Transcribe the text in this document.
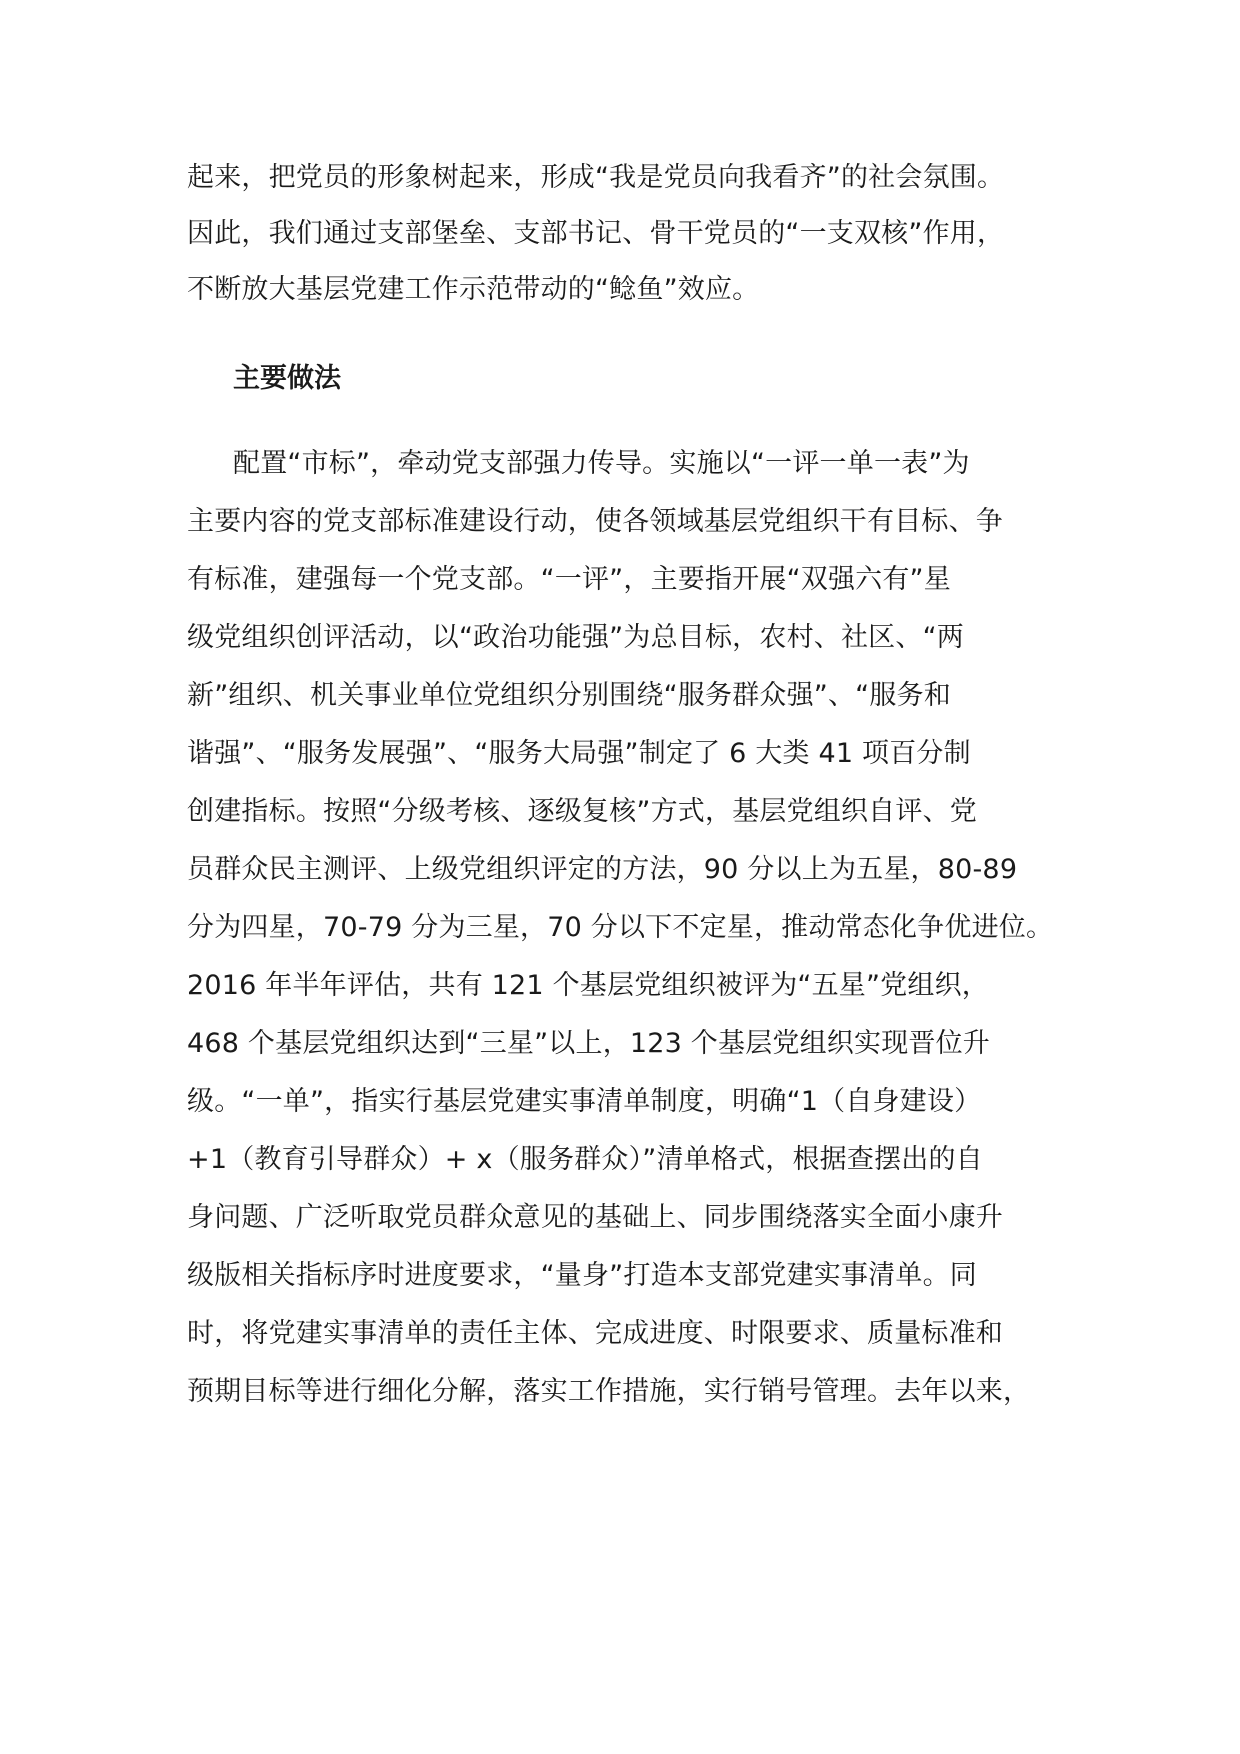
起来，把党员的形象树起来，形成“我是党员向我看齐”的社会氛围。
因此，我们通过支部堡垒、支部书记、骨干党员的“一支双核”作用，
不断放大基层党建工作示范带动的“鲶鱼”效应。
主要做法
配置“市标”，牵动党支部强力传导。实施以“一评一单一表”为
主要内容的党支部标准建设行动，使各领域基层党组织干有目标、争
有标准，建强每一个党支部。“一评”，主要指开展“双强六有”星
级党组织创评活动，以“政治功能强”为总目标，农村、社区、“两
新”组织、机关事业单位党组织分别围绕“服务群众强”、“服务和
谐强”、“服务发展强”、“服务大局强”制定了 6 大类 41 项百分制
创建指标。按照“分级考核、逐级复核”方式，基层党组织自评、党
员群众民主测评、上级党组织评定的方法，90 分以上为五星，80-89
分为四星，70-79 分为三星，70 分以下不定星，推动常态化争优进位。
2016 年半年评估，共有 121 个基层党组织被评为“五星”党组织，
468 个基层党组织达到“三星”以上，123 个基层党组织实现晋位升
级。“一单”，指实行基层党建实事清单制度，明确“1（自身建设）
+1（教育引导群众）+ x（服务群众）”清单格式，根据查摆出的自
身问题、广泛听取党员群众意见的基础上、同步围绕落实全面小康升
级版相关指标序时进度要求，“量身”打造本支部党建实事清单。同
时，将党建实事清单的责任主体、完成进度、时限要求、质量标准和
预期目标等进行细化分解，落实工作措施，实行销号管理。去年以来，
